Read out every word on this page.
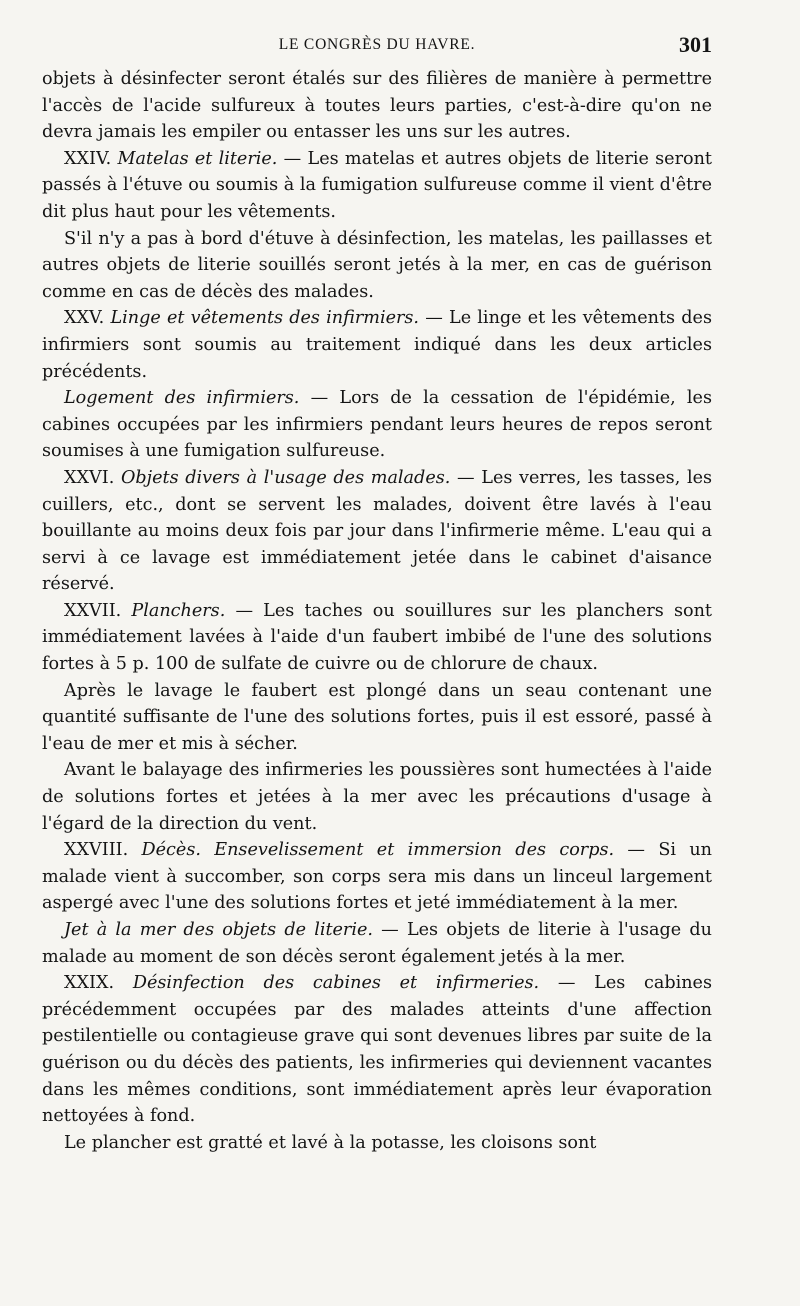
LE CONGRÈS DU HAVRE.	301

objets à désinfecter seront étalés sur des filières de manière à permettre l'accès de l'acide sulfureux à toutes leurs parties, c'est-à-dire qu'on ne devra jamais les empiler ou entasser les uns sur les autres.

XXIV. Matelas et literie. — Les matelas et autres objets de literie seront passés à l'étuve ou soumis à la fumigation sulfureuse comme il vient d'être dit plus haut pour les vêtements.

S'il n'y a pas à bord d'étuve à désinfection, les matelas, les paillasses et autres objets de literie souillés seront jetés à la mer, en cas de guérison comme en cas de décès des malades.

XXV. Linge et vêtements des infirmiers. — Le linge et les vêtements des infirmiers sont soumis au traitement indiqué dans les deux articles précédents.

Logement des infirmiers. — Lors de la cessation de l'épidémie, les cabines occupées par les infirmiers pendant leurs heures de repos seront soumises à une fumigation sulfureuse.

XXVI. Objets divers à l'usage des malades. — Les verres, les tasses, les cuillers, etc., dont se servent les malades, doivent être lavés à l'eau bouillante au moins deux fois par jour dans l'infirmerie même. L'eau qui a servi à ce lavage est immédiatement jetée dans le cabinet d'aisance réservé.

XXVII. Planchers. — Les taches ou souillures sur les planchers sont immédiatement lavées à l'aide d'un faubert imbibé de l'une des solutions fortes à 5 p. 100 de sulfate de cuivre ou de chlorure de chaux.

Après le lavage le faubert est plongé dans un seau contenant une quantité suffisante de l'une des solutions fortes, puis il est essoré, passé à l'eau de mer et mis à sécher.

Avant le balayage des infirmeries les poussières sont humectées à l'aide de solutions fortes et jetées à la mer avec les précautions d'usage à l'égard de la direction du vent.

XXVIII. Décès. Ensevelissement et immersion des corps. — Si un malade vient à succomber, son corps sera mis dans un linceul largement aspergé avec l'une des solutions fortes et jeté immédiatement à la mer.

Jet à la mer des objets de literie. — Les objets de literie à l'usage du malade au moment de son décès seront également jetés à la mer.

XXIX. Désinfection des cabines et infirmeries. — Les cabines précédemment occupées par des malades atteints d'une affection pestilentielle ou contagieuse grave qui sont devenues libres par suite de la guérison ou du décès des patients, les infirmeries qui deviennent vacantes dans les mêmes conditions, sont immédiatement après leur évaporation nettoyées à fond.

Le plancher est gratté et lavé à la potasse, les cloisons sont
